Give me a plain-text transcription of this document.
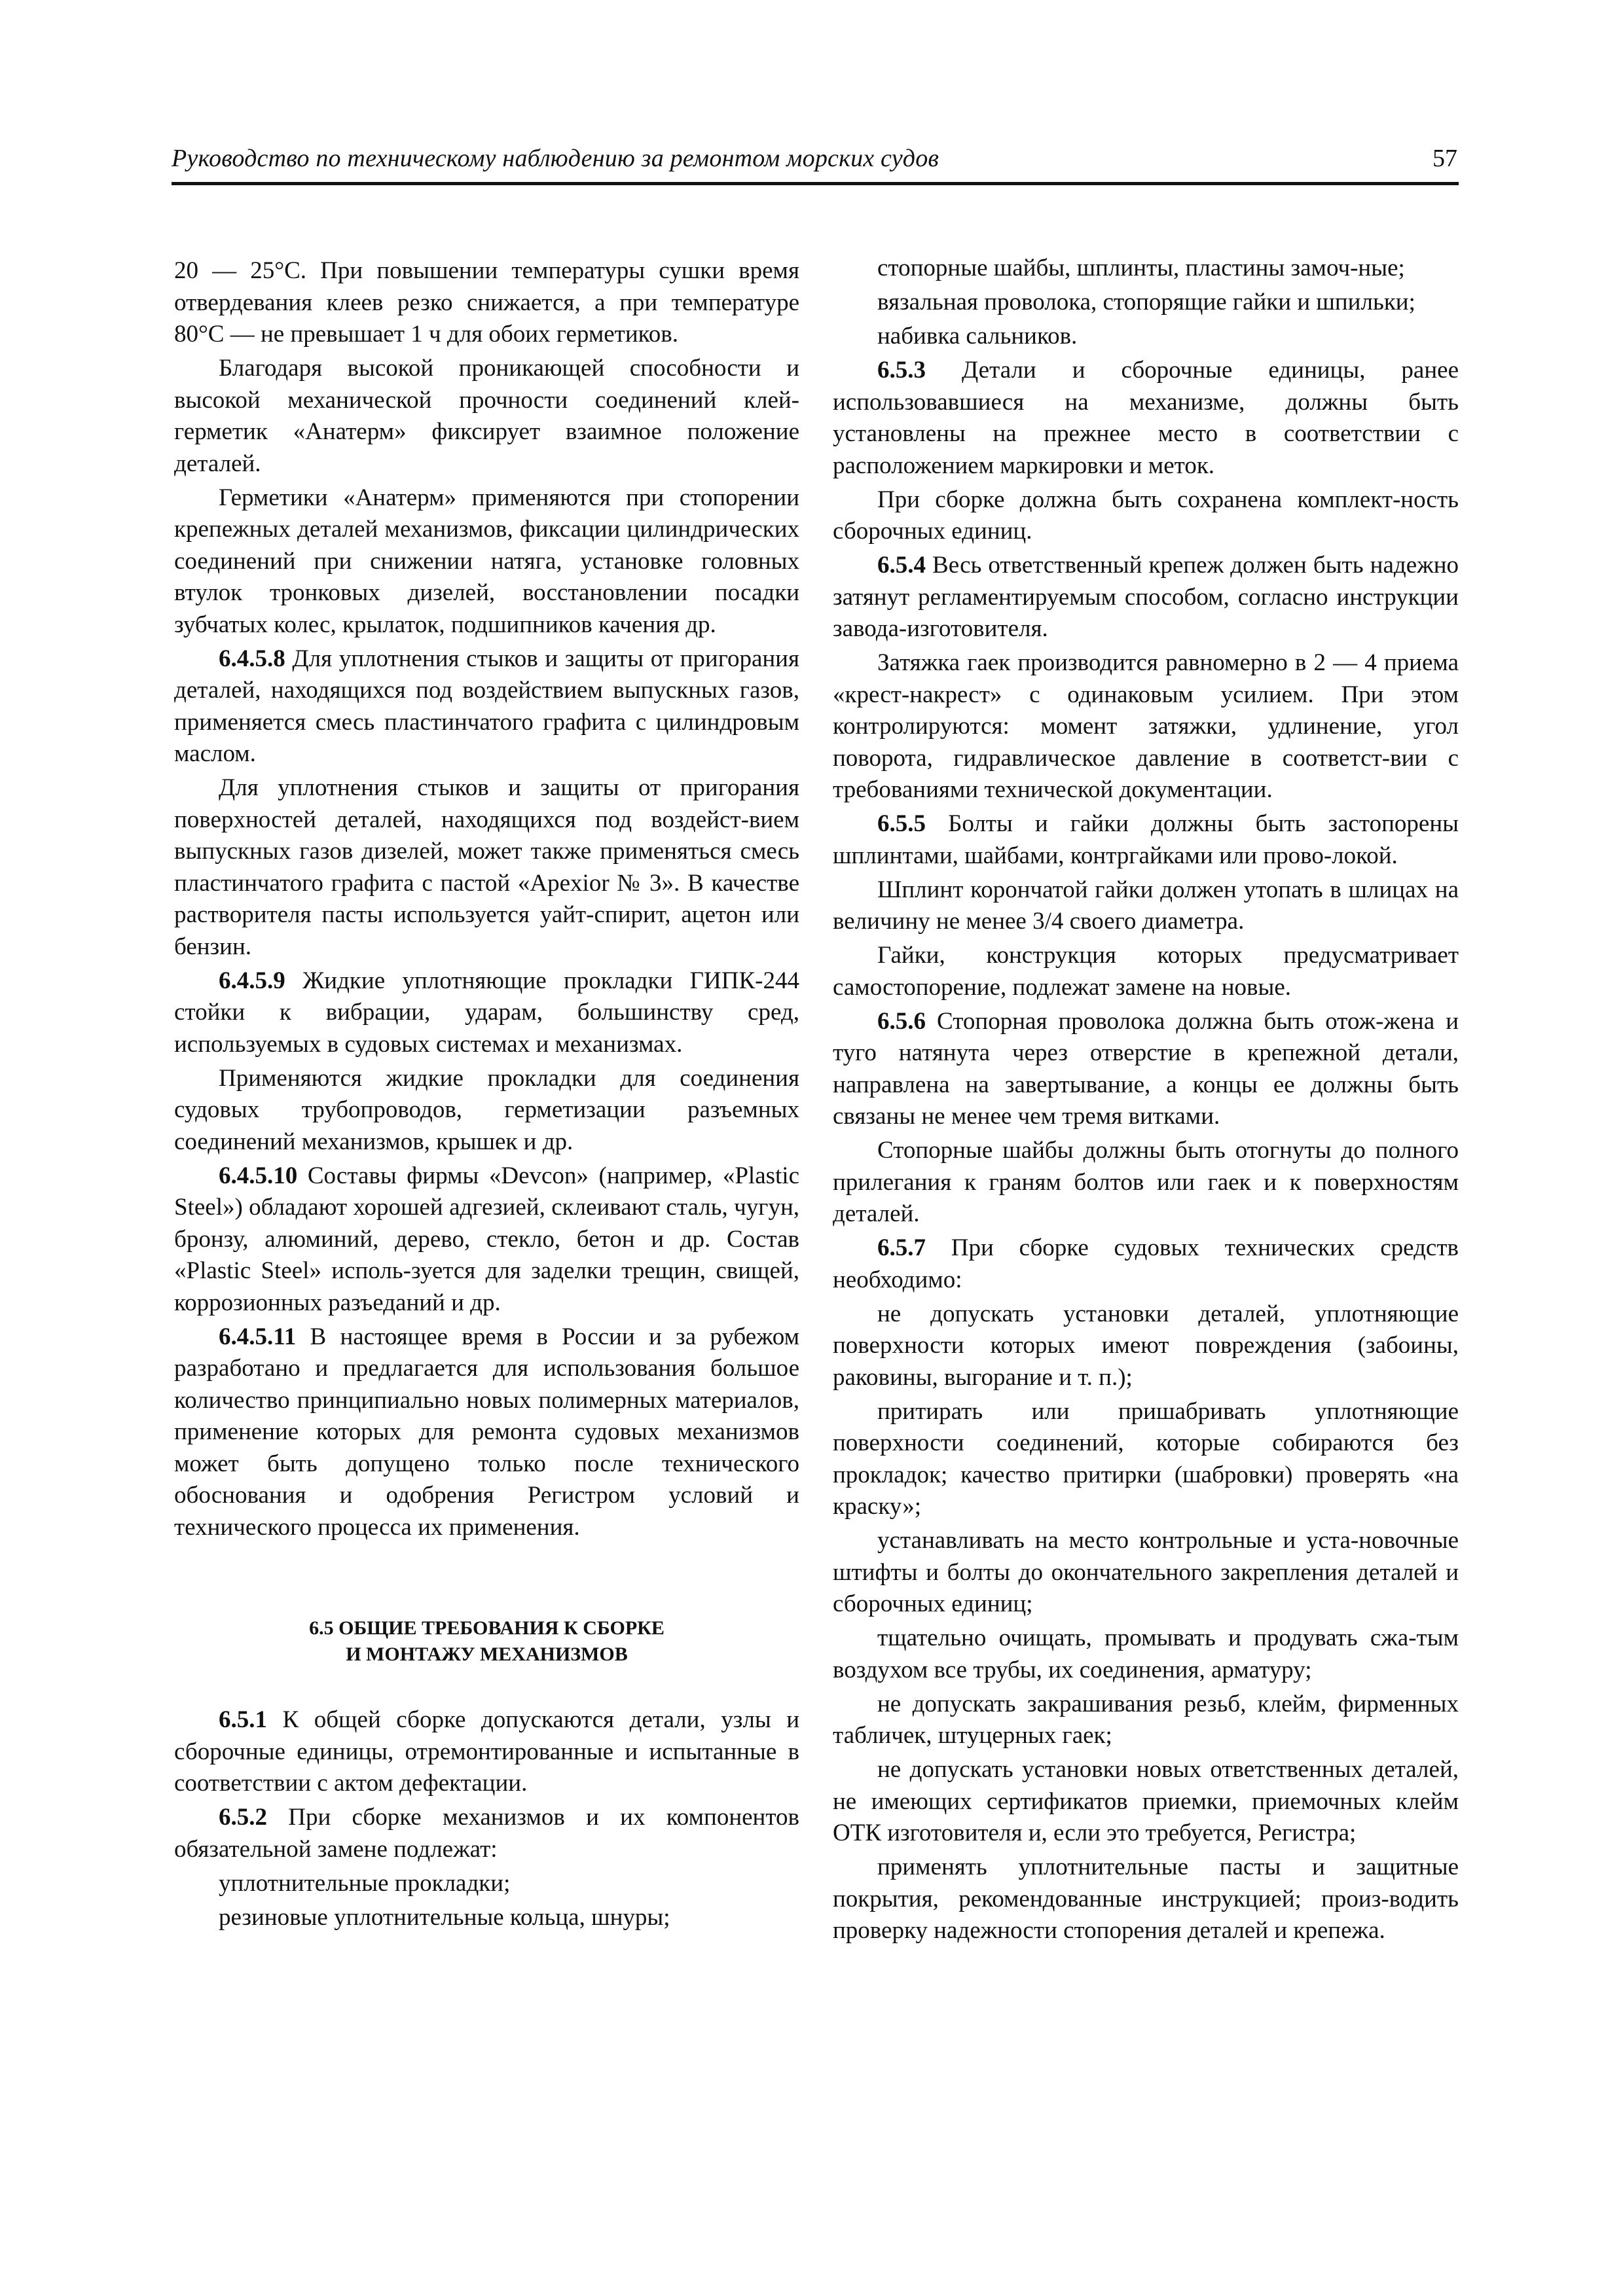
Руководство по техническому наблюдению за ремонтом морских судов	57

20 — 25°С. При повышении температуры сушки время отвердевания клеев резко снижается, а при температуре 80°С — не превышает 1 ч для обоих герметиков.

Благодаря высокой проникающей способности и высокой механической прочности соединений клей-герметик «Анатерм» фиксирует взаимное положение деталей.

Герметики «Анатерм» применяются при стопорении крепежных деталей механизмов, фиксации цилиндрических соединений при снижении натяга, установке головных втулок тронковых дизелей, восстановлении посадки зубчатых колес, крылаток, подшипников качения др.

6.4.5.8 Для уплотнения стыков и защиты от пригорания деталей, находящихся под воздействием выпускных газов, применяется смесь пластинчатого графита с цилиндровым маслом.

Для уплотнения стыков и защиты от пригорания поверхностей деталей, находящихся под воздейст-вием выпускных газов дизелей, может также применяться смесь пластинчатого графита с пастой «Apexior № 3». В качестве растворителя пасты используется уайт-спирит, ацетон или бензин.

6.4.5.9 Жидкие уплотняющие прокладки ГИПК-244 стойки к вибрации, ударам, большинству сред, используемых в судовых системах и механизмах.

Применяются жидкие прокладки для соединения судовых трубопроводов, герметизации разъемных соединений механизмов, крышек и др.

6.4.5.10 Составы фирмы «Devcon» (например, «Plastic Steel») обладают хорошей адгезией, склеивают сталь, чугун, бронзу, алюминий, дерево, стекло, бетон и др. Состав «Plastic Steel» исполь-зуется для заделки трещин, свищей, коррозионных разъеданий и др.

6.4.5.11 В настоящее время в России и за рубежом разработано и предлагается для использования большое количество принципиально новых полимерных материалов, применение которых для ремонта судовых механизмов может быть допущено только после технического обоснования и одобрения Регистром условий и технического процесса их применения.

6.5 ОБЩИЕ ТРЕБОВАНИЯ К СБОРКЕ
И МОНТАЖУ МЕХАНИЗМОВ

6.5.1 К общей сборке допускаются детали, узлы и сборочные единицы, отремонтированные и испытанные в соответствии с актом дефектации.

6.5.2 При сборке механизмов и их компонентов обязательной замене подлежат:

уплотнительные прокладки;

резиновые уплотнительные кольца, шнуры;

стопорные шайбы, шплинты, пластины замоч-ные;

вязальная проволока, стопорящие гайки и шпильки;

набивка сальников.

6.5.3 Детали и сборочные единицы, ранее использовавшиеся на механизме, должны быть установлены на прежнее место в соответствии с расположением маркировки и меток.

При сборке должна быть сохранена комплект-ность сборочных единиц.

6.5.4 Весь ответственный крепеж должен быть надежно затянут регламентируемым способом, согласно инструкции завода-изготовителя.

Затяжка гаек производится равномерно в 2 — 4 приема «крест-накрест» с одинаковым усилием. При этом контролируются: момент затяжки, удлинение, угол поворота, гидравлическое давление в соответст-вии с требованиями технической документации.

6.5.5 Болты и гайки должны быть застопорены шплинтами, шайбами, контргайками или прово-локой.

Шплинт корончатой гайки должен утопать в шлицах на величину не менее 3/4 своего диаметра.

Гайки, конструкция которых предусматривает самостопорение, подлежат замене на новые.

6.5.6 Стопорная проволока должна быть отож-жена и туго натянута через отверстие в крепежной детали, направлена на завертывание, а концы ее должны быть связаны не менее чем тремя витками.

Стопорные шайбы должны быть отогнуты до полного прилегания к граням болтов или гаек и к поверхностям деталей.

6.5.7 При сборке судовых технических средств необходимо:

не допускать установки деталей, уплотняющие поверхности которых имеют повреждения (забоины, раковины, выгорание и т. п.);

притирать или пришабривать уплотняющие поверхности соединений, которые собираются без прокладок; качество притирки (шабровки) проверять «на краску»;

устанавливать на место контрольные и уста-новочные штифты и болты до окончательного закрепления деталей и сборочных единиц;

тщательно очищать, промывать и продувать сжа-тым воздухом все трубы, их соединения, арматуру;

не допускать закрашивания резьб, клейм, фирменных табличек, штуцерных гаек;

не допускать установки новых ответственных деталей, не имеющих сертификатов приемки, приемочных клейм ОТК изготовителя и, если это требуется, Регистра;

применять уплотнительные пасты и защитные покрытия, рекомендованные инструкцией; произ-водить проверку надежности стопорения деталей и крепежа.
